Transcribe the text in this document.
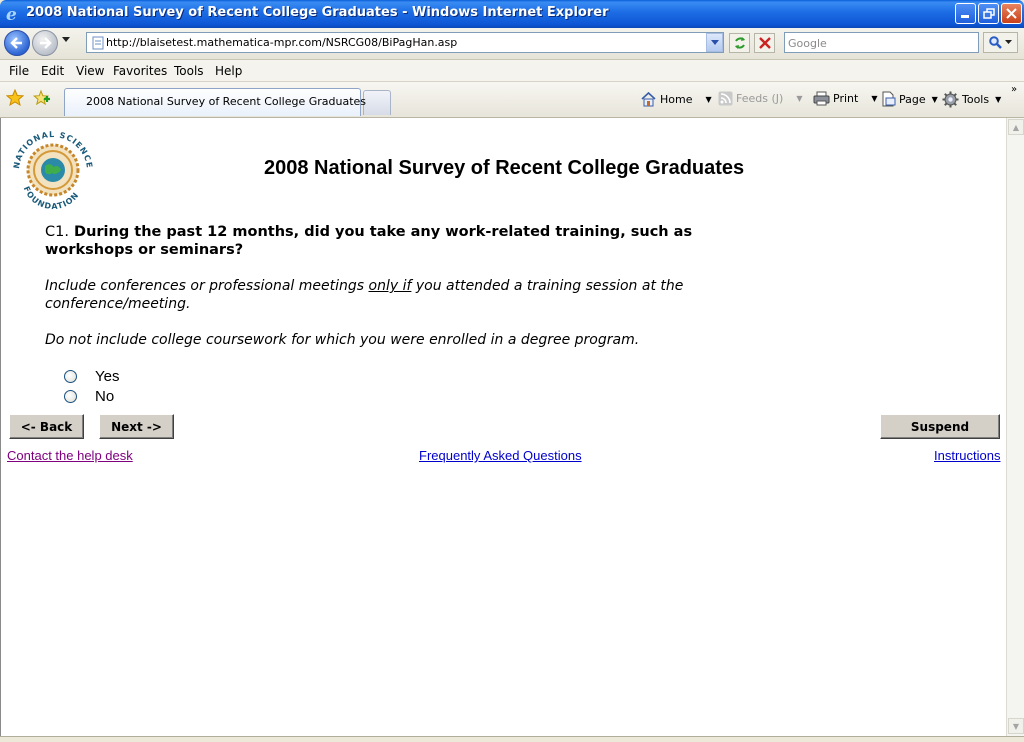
e 2008 National Survey of Recent College Graduates - Windows Internet Explorer
http://blaisetest.mathematica-mpr.com/NSRCG08/BiPagHan.asp	Google
File Edit View Favorites Tools Help
Home ▼ Feeds (J) ▼	Print ▼ Page ▼ Tools ▼
»
2008 National Survey of Recent College Graduates
▲
▼
NATIONAL SCIENCE
FOUNDATION
2008 National Survey of Recent College Graduates
C1. During the past 12 months, did you take any work-related training, such as workshops or seminars?
Include conferences or professional meetings only if you attended a training session at the conference/meeting.
Do not include college coursework for which you were enrolled in a degree program.
Yes
No
<- Back	Next ->	Suspend
Contact the help desk	Frequently Asked Questions	Instructions
